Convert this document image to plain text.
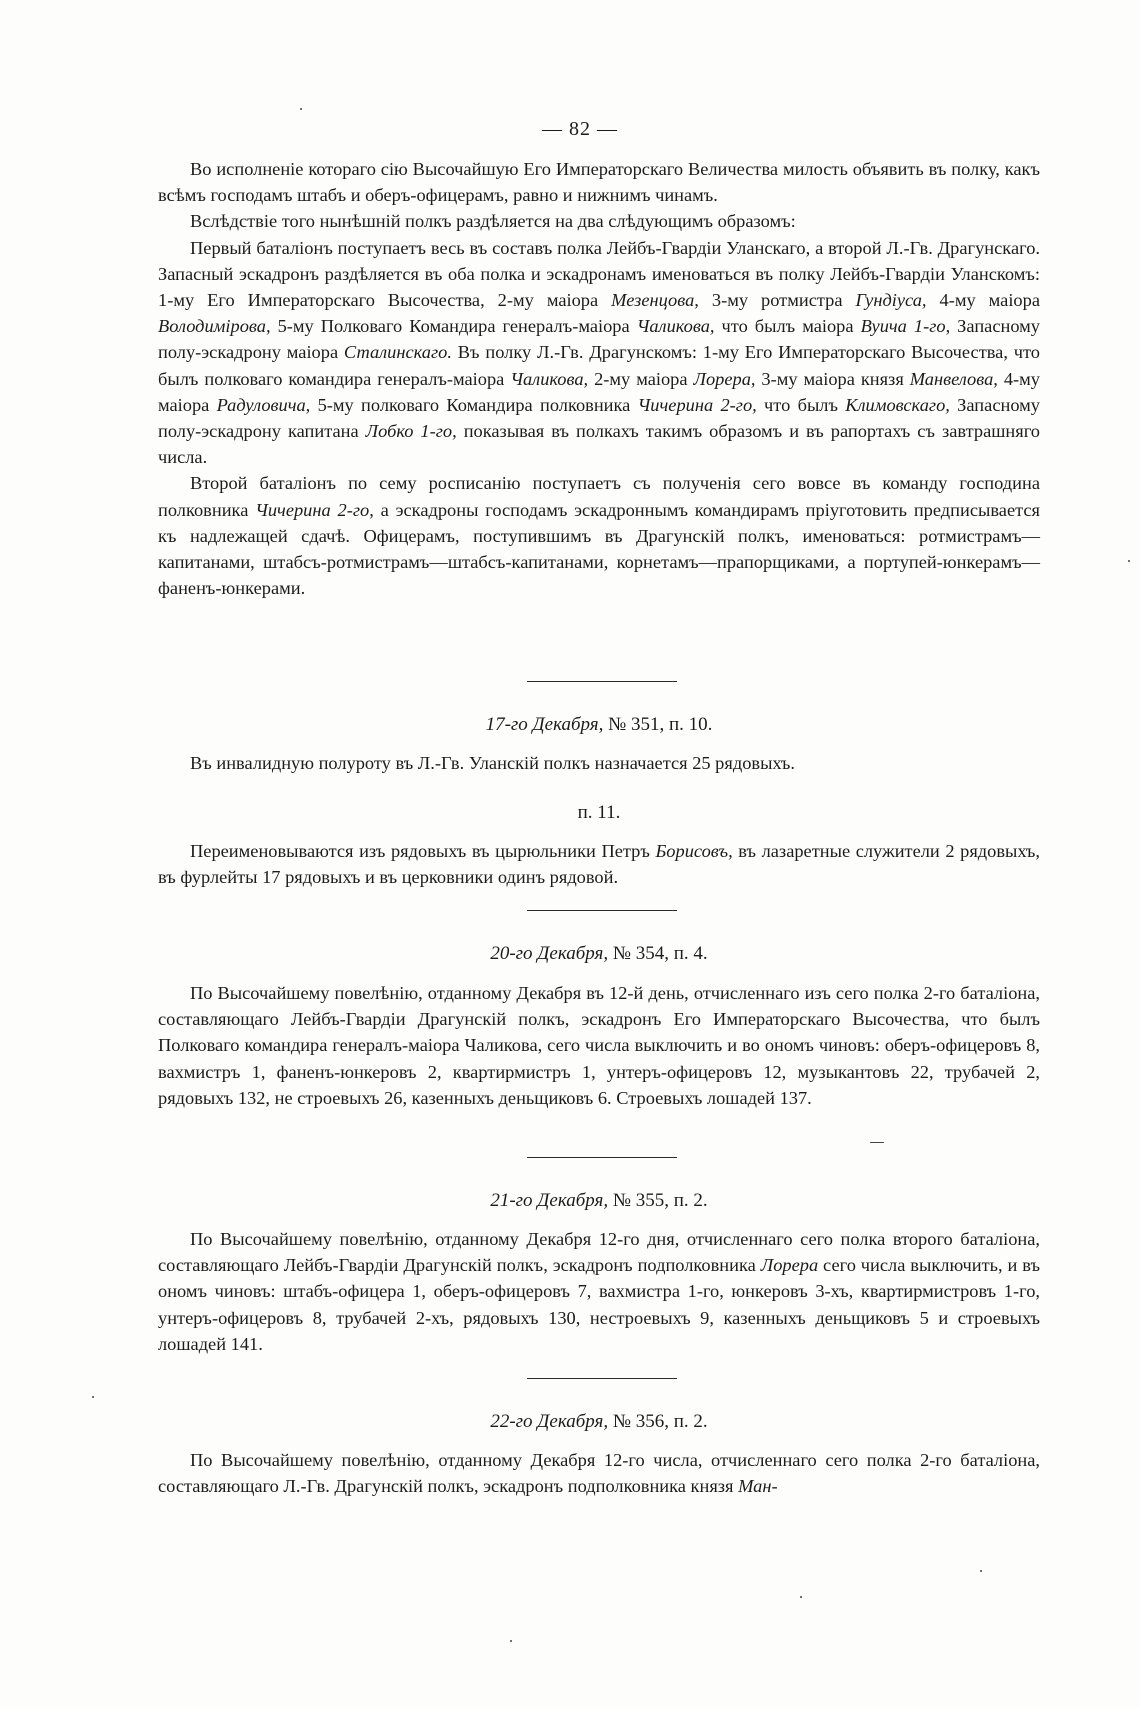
— 82 —

Во исполненіе котораго сію Высочайшую Его Императорскаго Величества милость объявить въ полку, какъ всѣмъ господамъ штабъ и оберъ-офицерамъ, равно и нижнимъ чинамъ.

Вслѣдствіе того нынѣшній полкъ раздѣляется на два слѣдующимъ образомъ:

Первый баталіонъ поступаетъ весь въ составъ полка Лейбъ-Гвардіи Уланскаго, а второй Л.-Гв. Драгунскаго. Запасный эскадронъ раздѣляется въ оба полка и эскадронамъ именоваться въ полку Лейбъ-Гвардіи Уланскомъ: 1-му Его Императорскаго Высочества, 2-му маіора Мезенцова, 3-му ротмистра Гундіуса, 4-му маіора Володимірова, 5-му Полковаго Командира генералъ-маіора Чаликова, что былъ маіора Вуича 1-го, Запасному полу-эскадрону маіора Сталинскаго. Въ полку Л.-Гв. Драгунскомъ: 1-му Его Императорскаго Высочества, что былъ полковаго командира генералъ-маіора Чаликова, 2-му маіора Лорера, 3-му маіора князя Манвелова, 4-му маіора Радуловича, 5-му полковаго Командира полковника Чичерина 2-го, что былъ Климовскаго, Запасному полу-эскадрону капитана Лобко 1-го, показывая въ полкахъ такимъ образомъ и въ рапортахъ съ завтрашняго числа.

Второй баталіонъ по сему росписанію поступаетъ съ полученія сего вовсе въ команду господина полковника Чичерина 2-го, а эскадроны господамъ эскадроннымъ командирамъ пріуготовить предписывается къ надлежащей сдачѣ. Офицерамъ, поступившимъ въ Драгунскій полкъ, именоваться: ротмистрамъ—капитанами, штабсъ-ротмистрамъ—штабсъ-капитанами, корнетамъ—прапорщиками, а портупей-юнкерамъ—фаненъ-юнкерами.

17-го Декабря, № 351, п. 10.

Въ инвалидную полуроту въ Л.-Гв. Уланскій полкъ назначается 25 рядовыхъ.

п. 11.

Переименовываются изъ рядовыхъ въ цырюльники Петръ Борисовъ, въ лазаретные служители 2 рядовыхъ, въ фурлейты 17 рядовыхъ и въ церковники одинъ рядовой.

20-го Декабря, № 354, п. 4.

По Высочайшему повелѣнію, отданному Декабря въ 12-й день, отчисленнаго изъ сего полка 2-го баталіона, составляющаго Лейбъ-Гвардіи Драгунскій полкъ, эскадронъ Его Императорскаго Высочества, что былъ Полковаго командира генералъ-маіора Чаликова, сего числа выключить и во ономъ чиновъ: оберъ-офицеровъ 8, вахмистръ 1, фаненъ-юнкеровъ 2, квартирмистръ 1, унтеръ-офицеровъ 12, музыкантовъ 22, трубачей 2, рядовыхъ 132, не строевыхъ 26, казенныхъ деньщиковъ 6. Строевыхъ лошадей 137.

21-го Декабря, № 355, п. 2.

По Высочайшему повелѣнію, отданному Декабря 12-го дня, отчисленнаго сего полка второго баталіона, составляющаго Лейбъ-Гвардіи Драгунскій полкъ, эскадронъ подполковника Лорера сего числа выключить, и въ ономъ чиновъ: штабъ-офицера 1, оберъ-офицеровъ 7, вахмистра 1-го, юнкеровъ 3-хъ, квартирмистровъ 1-го, унтеръ-офицеровъ 8, трубачей 2-хъ, рядовыхъ 130, нестроевыхъ 9, казенныхъ деньщиковъ 5 и строевыхъ лошадей 141.

22-го Декабря, № 356, п. 2.

По Высочайшему повелѣнію, отданному Декабря 12-го числа, отчисленнаго сего полка 2-го баталіона, составляющаго Л.-Гв. Драгунскій полкъ, эскадронъ подполковника князя Ман-
